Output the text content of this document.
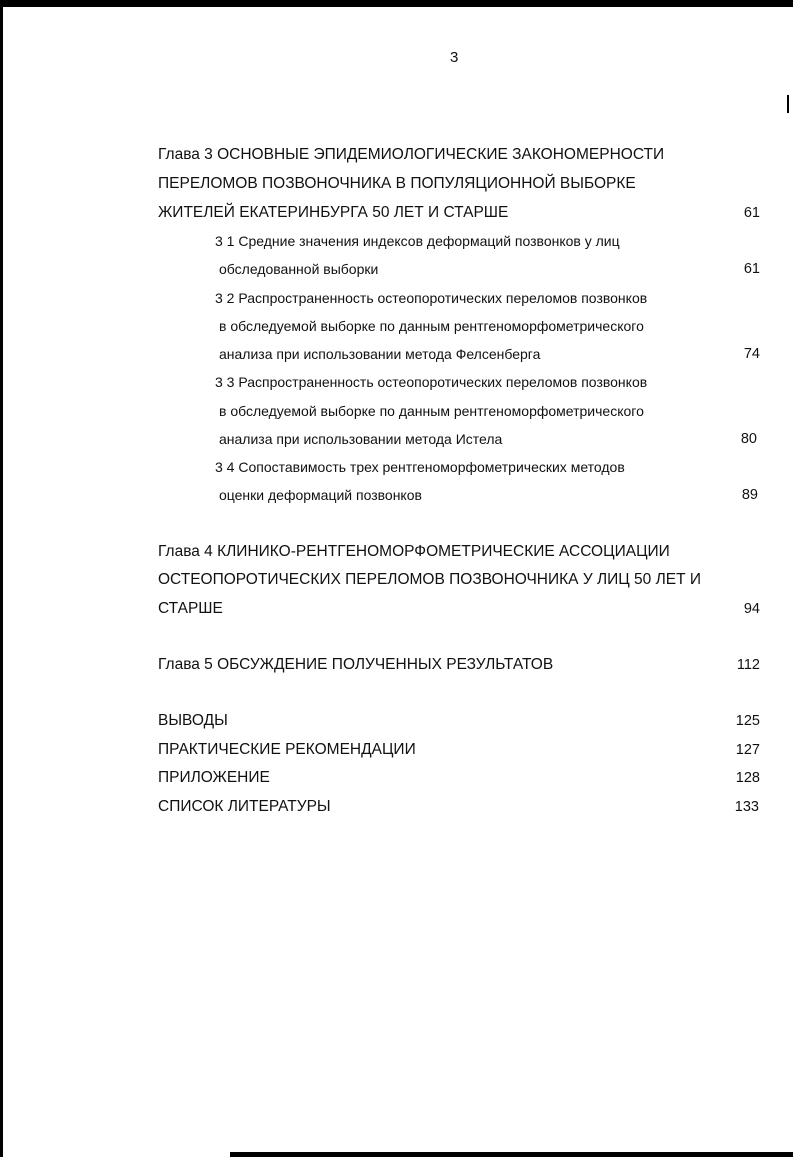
3
Глава 3 ОСНОВНЫЕ ЭПИДЕМИОЛОГИЧЕСКИЕ ЗАКОНОМЕРНОСТИ
ПЕРЕЛОМОВ ПОЗВОНОЧНИКА В ПОПУЛЯЦИОННОЙ ВЫБОРКЕ
ЖИТЕЛЕЙ ЕКАТЕРИНБУРГА 50 ЛЕТ И СТАРШЕ	61
3 1 Средние значения индексов деформаций позвонков у лиц
обследованной выборки	61
3 2 Распространенность остеопоротических переломов позвонков
в обследуемой выборке по данным рентгеноморфометрического
анализа при использовании метода Фелсенберга	74
3 3 Распространенность остеопоротических переломов позвонков
в обследуемой выборке по данным рентгеноморфометрического
анализа при использовании метода Истела	80
3 4 Сопоставимость трех рентгеноморфометрических методов
оценки деформаций позвонков	89
Глава 4 КЛИНИКО-РЕНТГЕНОМОРФОМЕТРИЧЕСКИЕ АССОЦИАЦИИ
ОСТЕОПОРОТИЧЕСКИХ ПЕРЕЛОМОВ ПОЗВОНОЧНИКА У ЛИЦ 50 ЛЕТ И
СТАРШЕ	94
Глава 5 ОБСУЖДЕНИЕ ПОЛУЧЕННЫХ РЕЗУЛЬТАТОВ	112
ВЫВОДЫ	125
ПРАКТИЧЕСКИЕ РЕКОМЕНДАЦИИ	127
ПРИЛОЖЕНИЕ	128
СПИСОК ЛИТЕРАТУРЫ	133
